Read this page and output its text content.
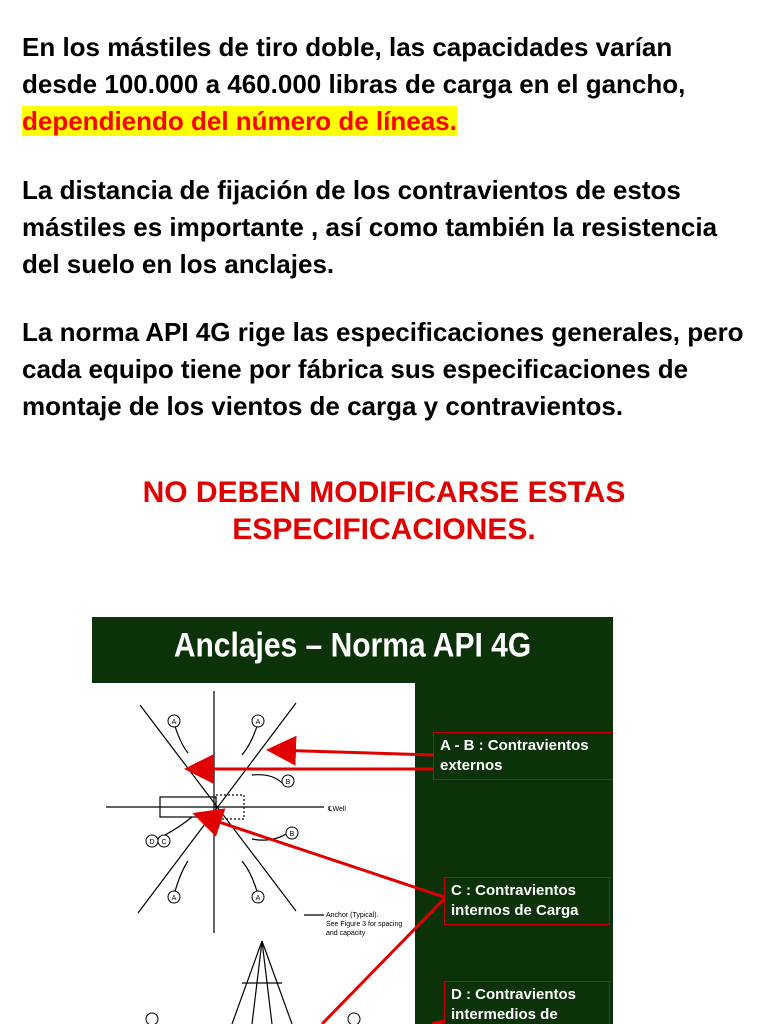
En los mástiles de tiro doble, las capacidades varían desde 100.000 a 460.000 libras de carga en el gancho, dependiendo del número de líneas.

La distancia de fijación de los contravientos de estos mástiles es importante , así como también la resistencia del suelo en los anclajes.

La norma API 4G rige las especificaciones generales, pero cada equipo tiene por fábrica sus especificaciones de montaje de los vientos de carga y contravientos.

NO DEBEN MODIFICARSE ESTAS
ESPECIFICACIONES.
Anclajes – Norma API 4G
A	A
B
B
A	A
D C
℄Well
Anchor (Typical).
See Figure 3 for spacing
and capacity
A - B : Contravientos
externos
C : Contravientos
internos de Carga
D : Contravientos
intermedios de
